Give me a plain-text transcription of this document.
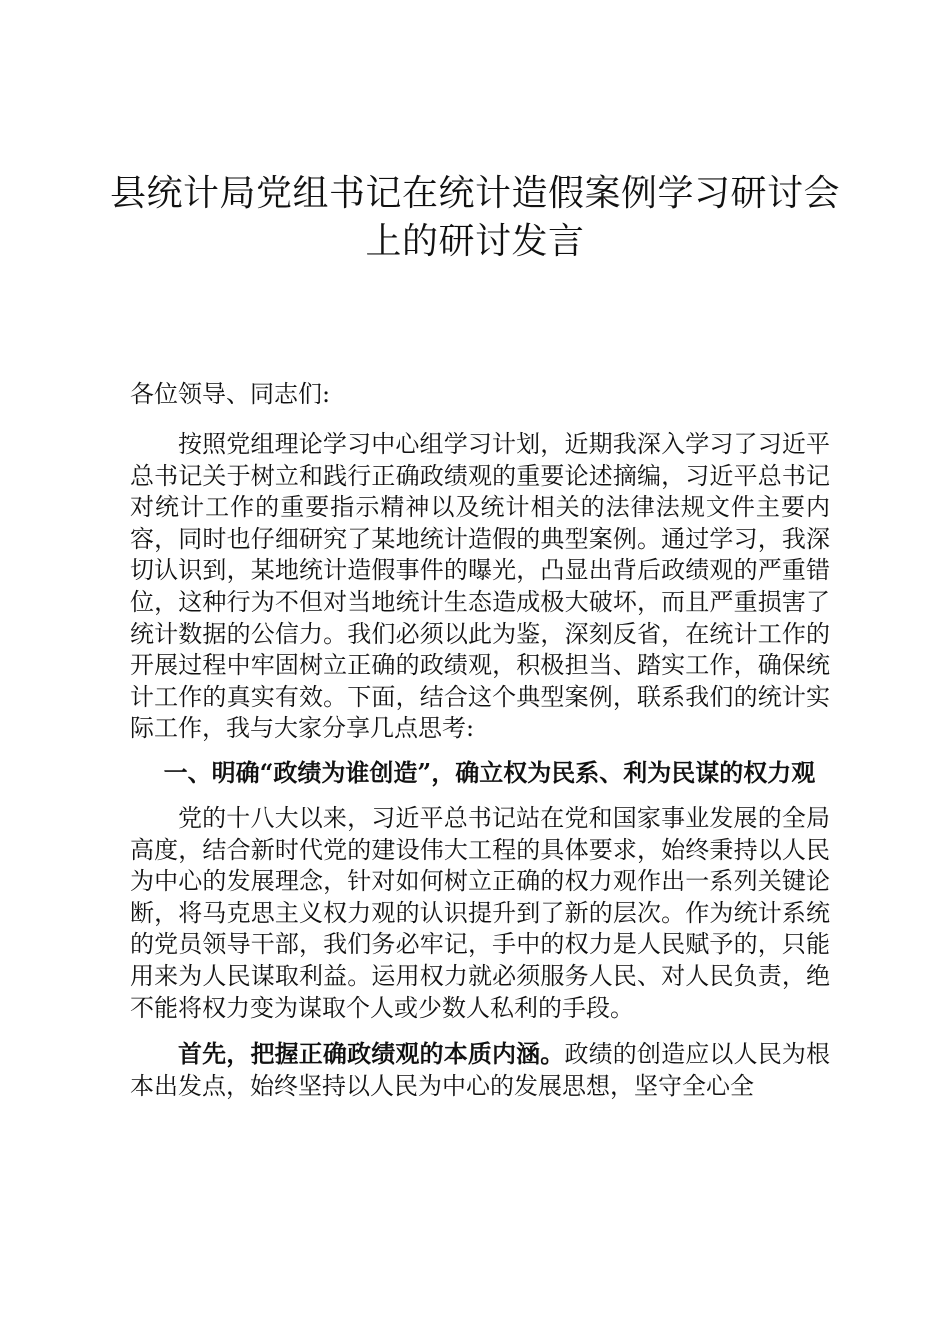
县统计局党组书记在统计造假案例学习研讨会
上的研讨发言

各位领导、同志们:

按照党组理论学习中心组学习计划，近期我深入学习了习近平总书记关于树立和践行正确政绩观的重要论述摘编，习近平总书记对统计工作的重要指示精神以及统计相关的法律法规文件主要内容，同时也仔细研究了某地统计造假的典型案例。通过学习，我深切认识到，某地统计造假事件的曝光，凸显出背后政绩观的严重错位，这种行为不但对当地统计生态造成极大破坏，而且严重损害了统计数据的公信力。我们必须以此为鉴，深刻反省，在统计工作的开展过程中牢固树立正确的政绩观，积极担当、踏实工作，确保统计工作的真实有效。下面，结合这个典型案例，联系我们的统计实际工作，我与大家分享几点思考:

一、明确“政绩为谁创造”，确立权为民系、利为民谋的权力观

党的十八大以来，习近平总书记站在党和国家事业发展的全局高度，结合新时代党的建设伟大工程的具体要求，始终秉持以人民为中心的发展理念，针对如何树立正确的权力观作出一系列关键论断，将马克思主义权力观的认识提升到了新的层次。作为统计系统的党员领导干部，我们务必牢记，手中的权力是人民赋予的，只能用来为人民谋取利益。运用权力就必须服务人民、对人民负责，绝不能将权力变为谋取个人或少数人私利的手段。

首先，把握正确政绩观的本质内涵。政绩的创造应以人民为根本出发点，始终坚持以人民为中心的发展思想，坚守全心全
